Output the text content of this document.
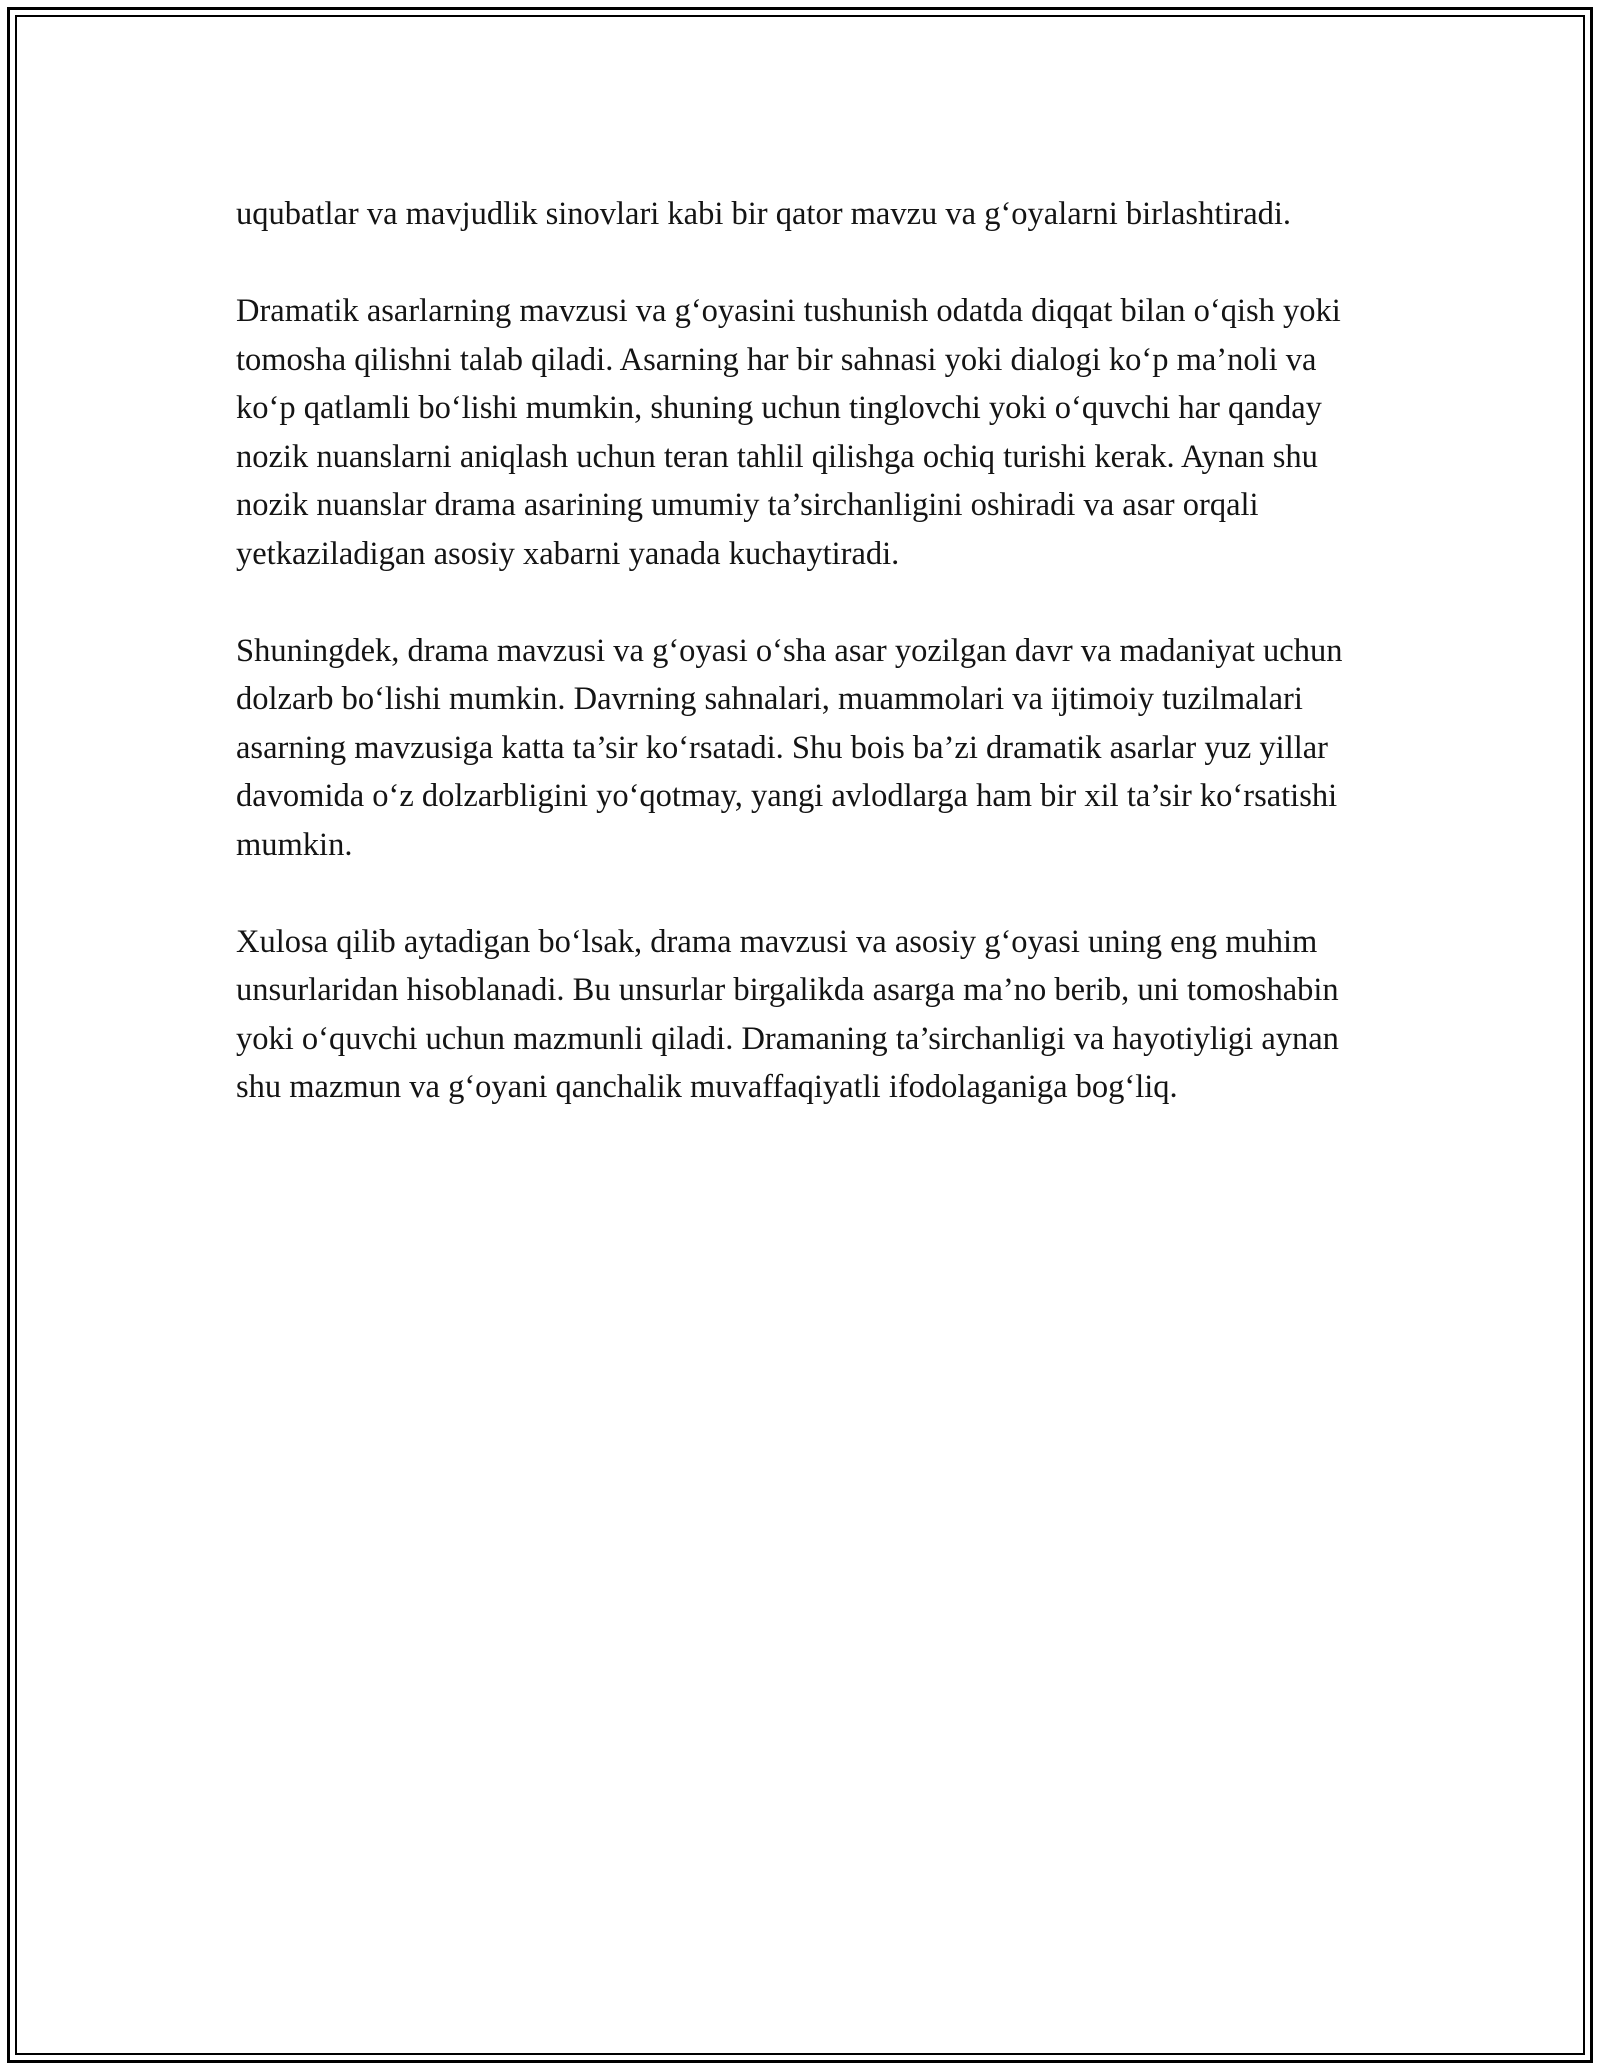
uqubatlar va mavjudlik sinovlari kabi bir qator mavzu va g‘oyalarni birlashtiradi.

Dramatik asarlarning mavzusi va g‘oyasini tushunish odatda diqqat bilan o‘qish yoki tomosha qilishni talab qiladi. Asarning har bir sahnasi yoki dialogi ko‘p ma’noli va ko‘p qatlamli bo‘lishi mumkin, shuning uchun tinglovchi yoki o‘quvchi har qanday nozik nuanslarni aniqlash uchun teran tahlil qilishga ochiq turishi kerak. Aynan shu nozik nuanslar drama asarining umumiy ta’sirchanligini oshiradi va asar orqali yetkaziladigan asosiy xabarni yanada kuchaytiradi.

Shuningdek, drama mavzusi va g‘oyasi o‘sha asar yozilgan davr va madaniyat uchun dolzarb bo‘lishi mumkin. Davrning sahnalari, muammolari va ijtimoiy tuzilmalari asarning mavzusiga katta ta’sir ko‘rsatadi. Shu bois ba’zi dramatik asarlar yuz yillar davomida o‘z dolzarbligini yo‘qotmay, yangi avlodlarga ham bir xil ta’sir ko‘rsatishi mumkin.

Xulosa qilib aytadigan bo‘lsak, drama mavzusi va asosiy g‘oyasi uning eng muhim unsurlaridan hisoblanadi. Bu unsurlar birgalikda asarga ma’no berib, uni tomoshabin yoki o‘quvchi uchun mazmunli qiladi. Dramaning ta’sirchanligi va hayotiyligi aynan shu mazmun va g‘oyani qanchalik muvaffaqiyatli ifodolaganiga bog‘liq.
